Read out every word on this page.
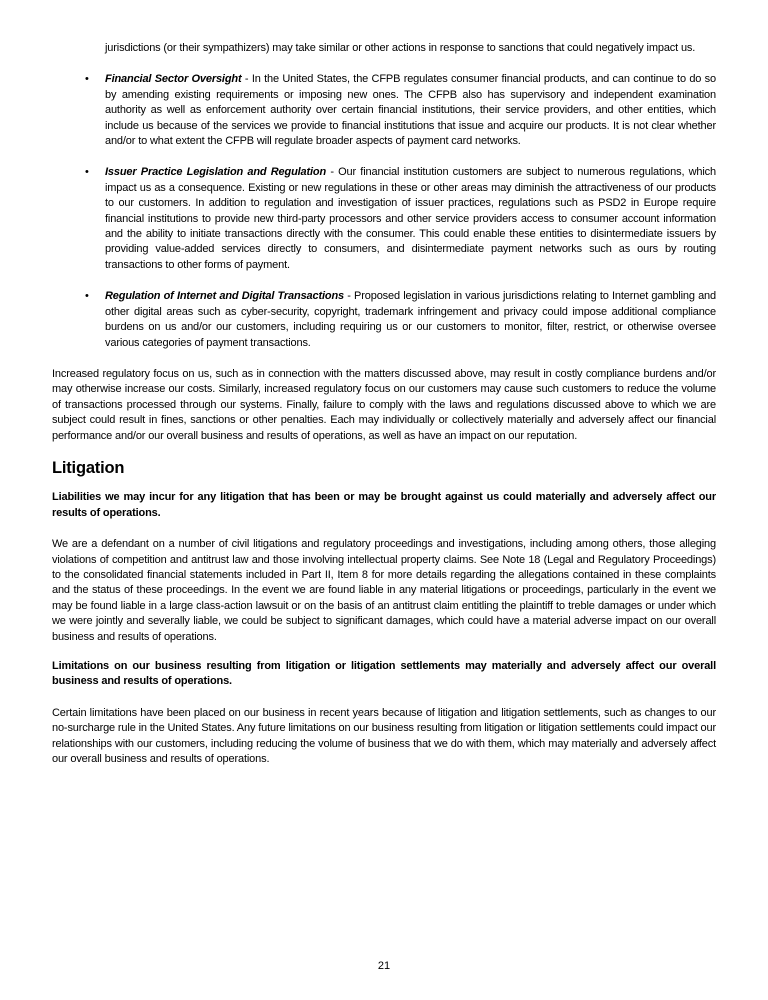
jurisdictions (or their sympathizers) may take similar or other actions in response to sanctions that could negatively impact us.

•	Financial Sector Oversight - In the United States, the CFPB regulates consumer financial products, and can continue to do so by amending existing requirements or imposing new ones. The CFPB also has supervisory and independent examination authority as well as enforcement authority over certain financial institutions, their service providers, and other entities, which include us because of the services we provide to financial institutions that issue and acquire our products. It is not clear whether and/or to what extent the CFPB will regulate broader aspects of payment card networks.
•	Issuer Practice Legislation and Regulation - Our financial institution customers are subject to numerous regulations, which impact us as a consequence. Existing or new regulations in these or other areas may diminish the attractiveness of our products to our customers. In addition to regulation and investigation of issuer practices, regulations such as PSD2 in Europe require financial institutions to provide new third-party processors and other service providers access to consumer account information and the ability to initiate transactions directly with the consumer. This could enable these entities to disintermediate issuers by providing value-added services directly to consumers, and disintermediate payment networks such as ours by routing transactions to other forms of payment.
•	Regulation of Internet and Digital Transactions - Proposed legislation in various jurisdictions relating to Internet gambling and other digital areas such as cyber-security, copyright, trademark infringement and privacy could impose additional compliance burdens on us and/or our customers, including requiring us or our customers to monitor, filter, restrict, or otherwise oversee various categories of payment transactions.

Increased regulatory focus on us, such as in connection with the matters discussed above, may result in costly compliance burdens and/or may otherwise increase our costs. Similarly, increased regulatory focus on our customers may cause such customers to reduce the volume of transactions processed through our systems. Finally, failure to comply with the laws and regulations discussed above to which we are subject could result in fines, sanctions or other penalties. Each may individually or collectively materially and adversely affect our financial performance and/or our overall business and results of operations, as well as have an impact on our reputation.

Litigation

Liabilities we may incur for any litigation that has been or may be brought against us could materially and adversely affect our results of operations.

We are a defendant on a number of civil litigations and regulatory proceedings and investigations, including among others, those alleging violations of competition and antitrust law and those involving intellectual property claims. See Note 18 (Legal and Regulatory Proceedings) to the consolidated financial statements included in Part II, Item 8 for more details regarding the allegations contained in these complaints and the status of these proceedings. In the event we are found liable in any material litigations or proceedings, particularly in the event we may be found liable in a large class-action lawsuit or on the basis of an antitrust claim entitling the plaintiff to treble damages or under which we were jointly and severally liable, we could be subject to significant damages, which could have a material adverse impact on our overall business and results of operations.

Limitations on our business resulting from litigation or litigation settlements may materially and adversely affect our overall business and results of operations.

Certain limitations have been placed on our business in recent years because of litigation and litigation settlements, such as changes to our no-surcharge rule in the United States. Any future limitations on our business resulting from litigation or litigation settlements could impact our relationships with our customers, including reducing the volume of business that we do with them, which may materially and adversely affect our overall business and results of operations.

21
